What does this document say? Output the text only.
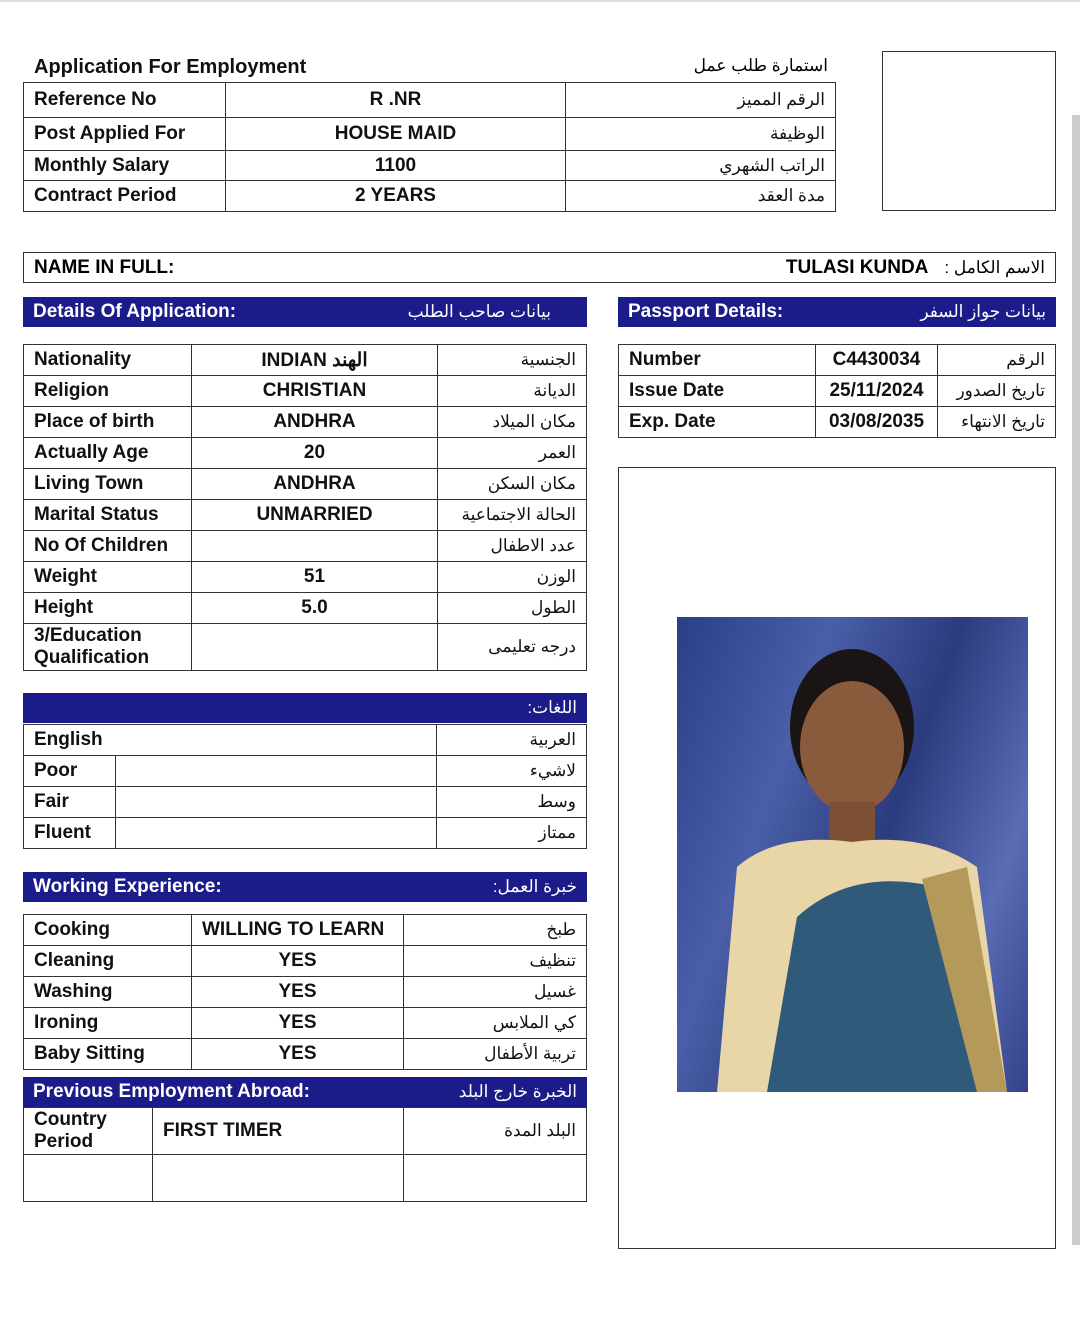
Application For Employment	استمارة طلب عمل
Reference No	R .NR	الرقم المميز
Post Applied For	HOUSE MAID	الوظيفة
Monthly Salary	1100	الراتب الشهري
Contract Period	2 YEARS	مدة العقد
NAME IN FULL:	TULASI KUNDA الاسم الكامل :
Details Of Application:	بيانات صاحب الطلب	Passport Details:	بيانات جواز السفر
Nationality	INDIAN الهند	الجنسية
Religion	CHRISTIAN	الديانة
Place of birth	ANDHRA	مكان الميلاد
Actually Age	20	العمر
Living Town	ANDHRA	مكان السكن
Marital Status	UNMARRIED	الحالة الاجتماعية
No Of Children		عدد الاطفال
Weight	51	الوزن
Height	5.0	الطول
3/Education Qualification		درجه تعليمى
Number	C4430034	الرقم
Issue Date	25/11/2024	تاريخ الصدور
Exp. Date	03/08/2035	تاريخ الانتهاء
اللغات:
English		العربية
Poor		لاشيء
Fair		وسط
Fluent		ممتاز
Working Experience:	خبرة العمل:
Cooking	WILLING TO LEARN	طبخ
Cleaning	YES	تنظيف
Washing	YES	غسيل
Ironing	YES	كي الملابس
Baby Sitting	YES	تربية الأطفال
Previous Employment Abroad:	الخبرة خارج البلد
Country Period	FIRST TIMER	البلد المدة
